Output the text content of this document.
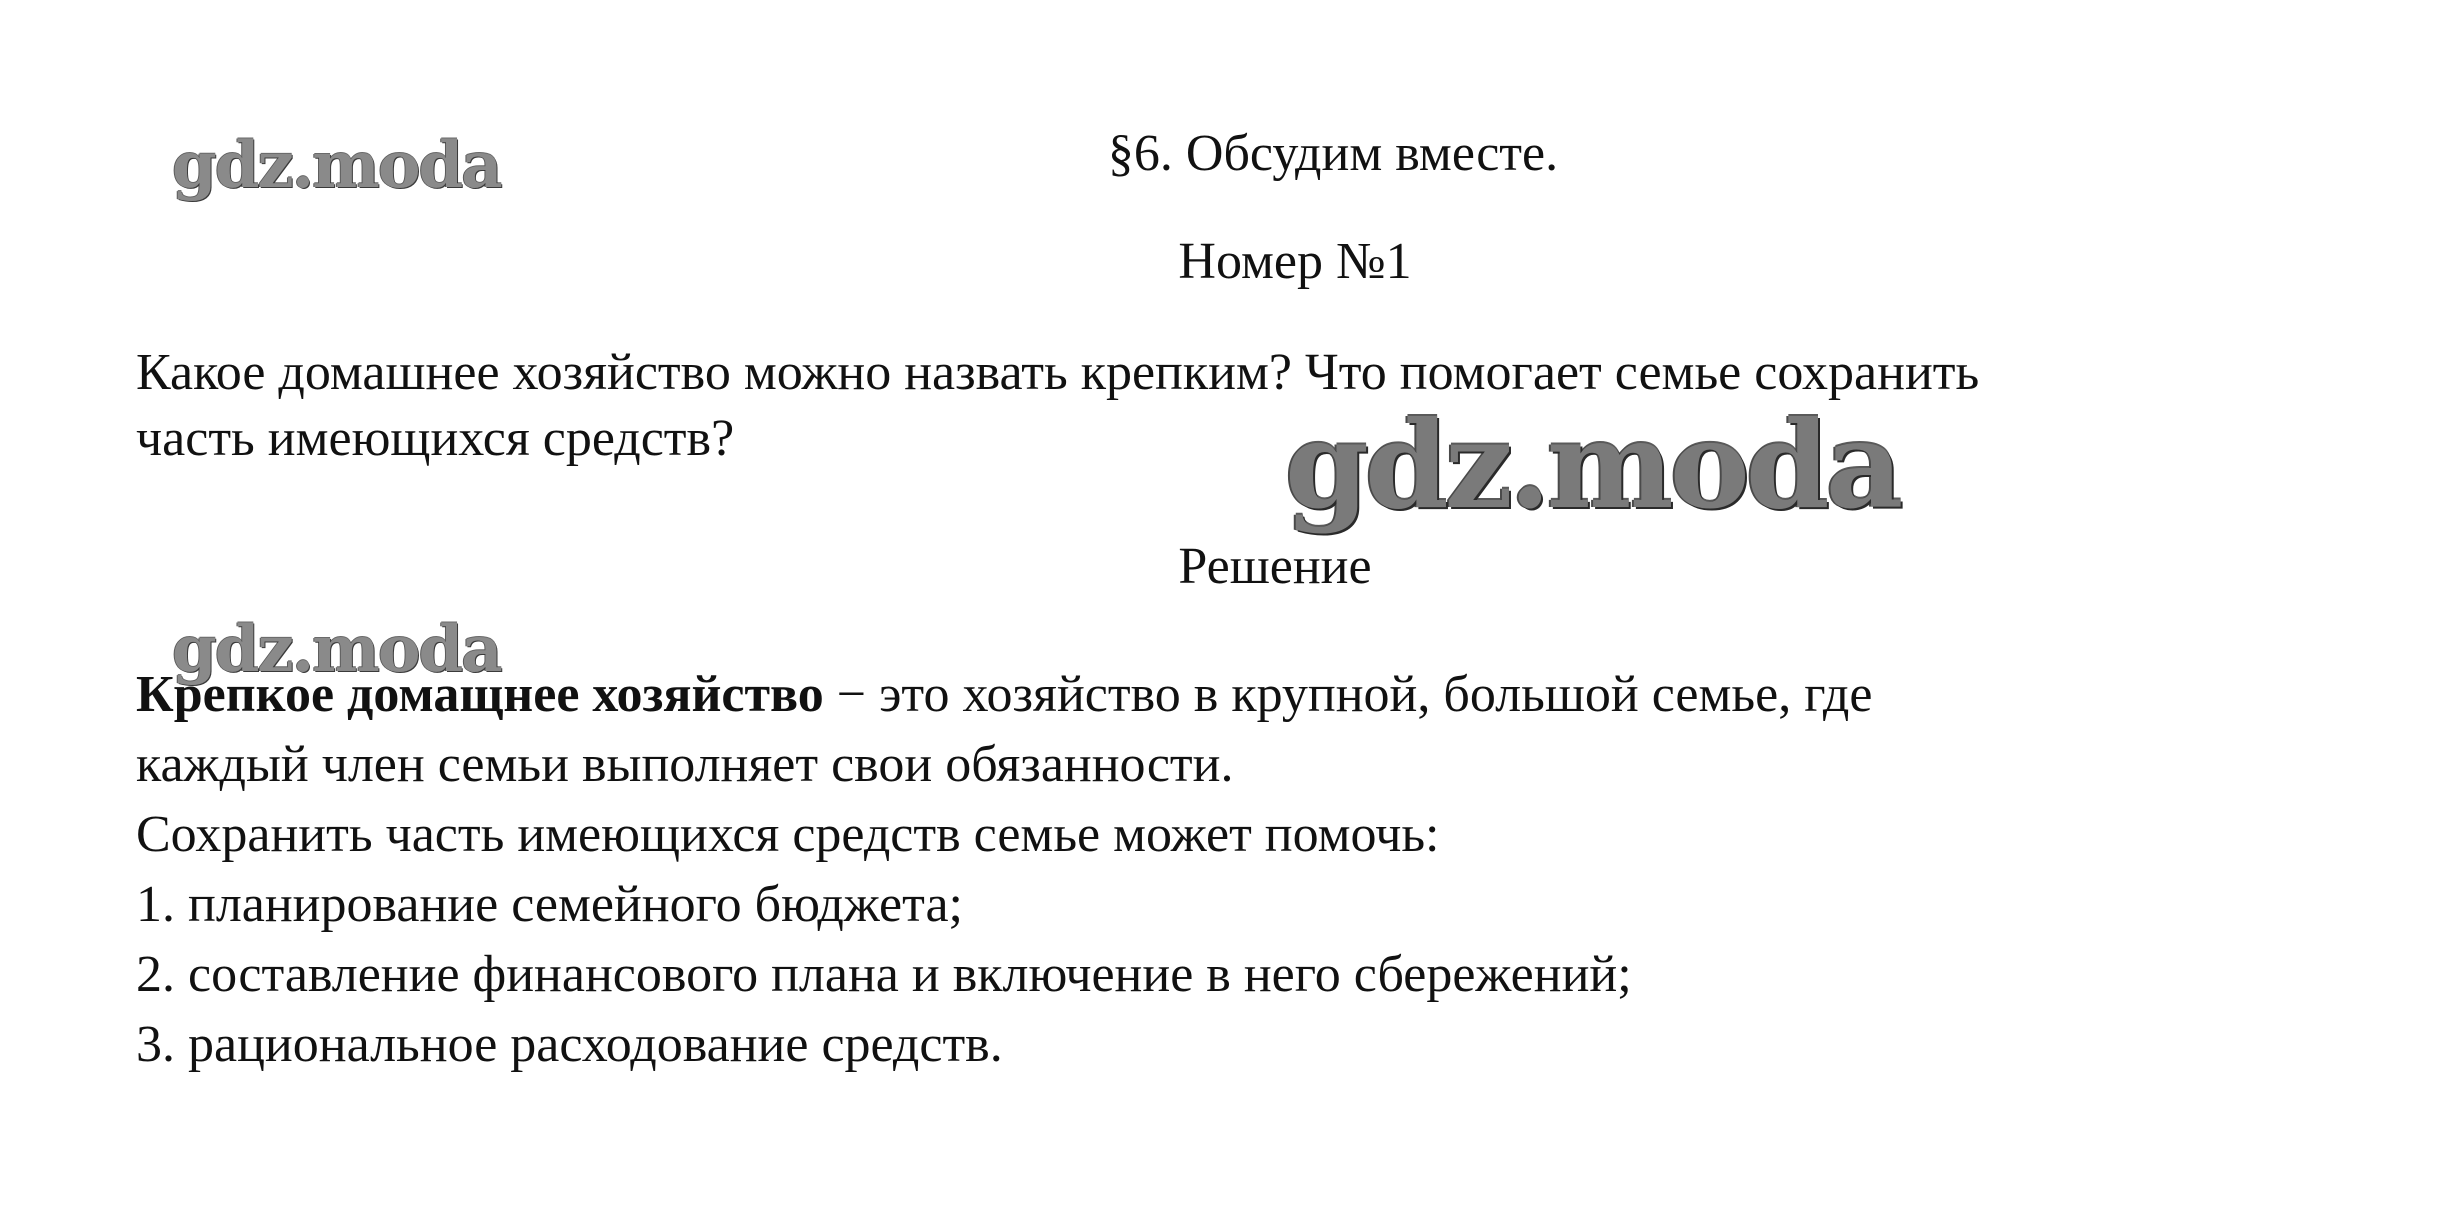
gdz.moda
gdz.moda
gdz.moda
§6. Обсудим вместе.
Номер №1
Какое домашнее хозяйство можно назвать крепким? Что помогает семье сохранить
часть имеющихся средств?
Решение

Крепкое домащнее хозяйство − это хозяйство в крупной, большой семье, где

каждый член семьи выполняет свои обязанности.

Сохранить часть имеющихся средств семье может помочь:

1. планирование семейного бюджета;
2. составление финансового плана и включение в него сбережений;
3. рациональное расходование средств.
